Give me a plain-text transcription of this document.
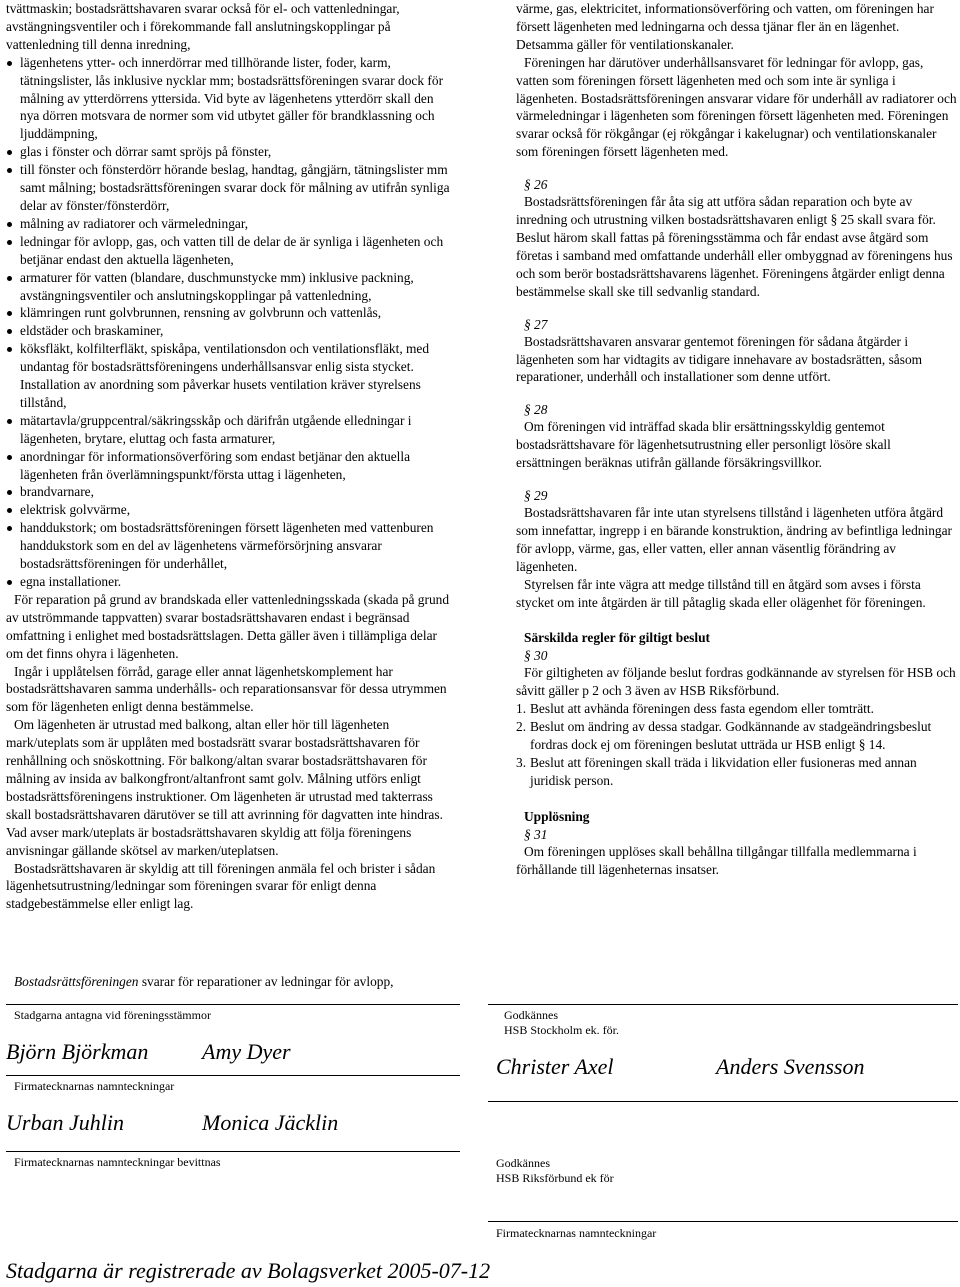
tvättmaskin; bostadsrättshavaren svarar också för el- och vattenledningar, avstängningsventiler och i förekommande fall anslutningskopplingar på vattenledning till denna inredning,
lägenhetens ytter- och innerdörrar med tillhörande lister, foder, karm, tätningslister, lås inklusive nycklar mm; bostadsrättsföreningen svarar dock för målning av ytterdörrens yttersida. Vid byte av lägenhetens ytterdörr skall den nya dörren motsvara de normer som vid utbytet gäller för brandklassning och ljuddämpning,
glas i fönster och dörrar samt spröjs på fönster,
till fönster och fönsterdörr hörande beslag, handtag, gångjärn, tätningslister mm samt målning; bostadsrättsföreningen svarar dock för målning av utifrån synliga delar av fönster/fönsterdörr,
målning av radiatorer och värmeledningar,
ledningar för avlopp, gas, och vatten till de delar de är synliga i lägenheten och betjänar endast den aktuella lägenheten,
armaturer för vatten (blandare, duschmunstycke mm) inklusive packning, avstängningsventiler och anslutningskopplingar på vattenledning,
klämringen runt golvbrunnen, rensning av golvbrunn och vattenlås,
eldstäder och braskaminer,
köksfläkt, kolfilterfläkt, spiskåpa, ventilationsdon och ventilationsfläkt, med undantag för bostadsrättsföreningens underhållsansvar enlig sista stycket. Installation av anordning som påverkar husets ventilation kräver styrelsens tillstånd,
mätartavla/gruppcentral/säkringsskåp och därifrån utgående elledningar i lägenheten, brytare, eluttag och fasta armaturer,
anordningar för informationsöverföring som endast betjänar den aktuella lägenheten från överlämningspunkt/första uttag i lägenheten,
brandvarnare,
elektrisk golvvärme,
handdukstork; om bostadsrättsföreningen försett lägenheten med vattenburen handdukstork som en del av lägenhetens värmeförsörjning ansvarar bostadsrättsföreningen för underhållet,
egna installationer.
För reparation på grund av brandskada eller vattenledningsskada (skada på grund av utströmmande tappvatten) svarar bostadsrättshavaren endast i begränsad omfattning i enlighet med bostadsrättslagen. Detta gäller även i tillämpliga delar om det finns ohyra i lägenheten.
Ingår i upplåtelsen förråd, garage eller annat lägenhetskomplement har bostadsrättshavaren samma underhålls- och reparationsansvar för dessa utrymmen som för lägenheten enligt denna bestämmelse.
Om lägenheten är utrustad med balkong, altan eller hör till lägenheten mark/uteplats som är upplåten med bostadsrätt svarar bostadsrättshavaren för renhållning och snöskottning. För balkong/altan svarar bostadsrättshavaren för målning av insida av balkongfront/altanfront samt golv. Målning utförs enligt bostadsrättsföreningens instruktioner. Om lägenheten är utrustad med takterrass skall bostadsrättshavaren därutöver se till att avrinning för dagvatten inte hindras. Vad avser mark/uteplats är bostadsrättshavaren skyldig att följa föreningens anvisningar gällande skötsel av marken/uteplatsen.
Bostadsrättshavaren är skyldig att till föreningen anmäla fel och brister i sådan lägenhetsutrustning/ledningar som föreningen svarar för enligt denna stadgebestämmelse eller enligt lag.
Bostadsrättsföreningen svarar för reparationer av ledningar för avlopp,
värme, gas, elektricitet, informationsöverföring och vatten, om föreningen har försett lägenheten med ledningarna och dessa tjänar fler än en lägenhet. Detsamma gäller för ventilationskanaler.
Föreningen har därutöver underhållsansvaret för ledningar för avlopp, gas, vatten som föreningen försett lägenheten med och som inte är synliga i lägenheten. Bostadsrättsföreningen ansvarar vidare för underhåll av radiatorer och värmeledningar i lägenheten som föreningen försett lägenheten med. Föreningen svarar också för rökgångar (ej rökgångar i kakelugnar) och ventilationskanaler som föreningen försett lägenheten med.
§ 26
Bostadsrättsföreningen får åta sig att utföra sådan reparation och byte av inredning och utrustning vilken bostadsrättshavaren enligt § 25 skall svara för. Beslut härom skall fattas på föreningsstämma och får endast avse åtgärd som företas i samband med omfattande underhåll eller ombyggnad av föreningens hus och som berör bostadsrättshavarens lägenhet. Föreningens åtgärder enligt denna bestämmelse skall ske till sedvanlig standard.
§ 27
Bostadsrättshavaren ansvarar gentemot föreningen för sådana åtgärder i lägenheten som har vidtagits av tidigare innehavare av bostadsrätten, såsom reparationer, underhåll och installationer som denne utfört.
§ 28
Om föreningen vid inträffad skada blir ersättningsskyldig gentemot bostadsrättshavare för lägenhetsutrustning eller personligt lösöre skall ersättningen beräknas utifrån gällande försäkringsvillkor.
§ 29
Bostadsrättshavaren får inte utan styrelsens tillstånd i lägenheten utföra åtgärd som innefattar, ingrepp i en bärande konstruktion, ändring av befintliga ledningar för avlopp, värme, gas, eller vatten, eller annan väsentlig förändring av lägenheten.
Styrelsen får inte vägra att medge tillstånd till en åtgärd som avses i första stycket om inte åtgärden är till påtaglig skada eller olägenhet för föreningen.
Särskilda regler för giltigt beslut
§ 30
För giltigheten av följande beslut fordras godkännande av styrelsen för HSB och såvitt gäller p 2 och 3 även av HSB Riksförbund.
1. Beslut att avhända föreningen dess fasta egendom eller tomträtt.
2. Beslut om ändring av dessa stadgar. Godkännande av stadgeändringsbeslut fordras dock ej om föreningen beslutat utträda ur HSB enligt § 14.
3. Beslut att föreningen skall träda i likvidation eller fusioneras med annan juridisk person.
Upplösning
§ 31
Om föreningen upplöses skall behållna tillgångar tillfalla medlemmarna i förhållande till lägenheternas insatser.
Stadgarna antagna vid föreningsstämmor
Björn Björkman Amy Dyer
Firmatecknarnas namnteckningar
Urban Juhlin	Monica Jäcklin
Firmatecknarnas namnteckningar bevittnas
Godkännes
HSB Stockholm ek. för.
Christer Axel	Anders Svensson
Godkännes
HSB Riksförbund ek för
Firmatecknarnas namnteckningar
Stadgarna är registrerade av Bolagsverket 2005-07-12
